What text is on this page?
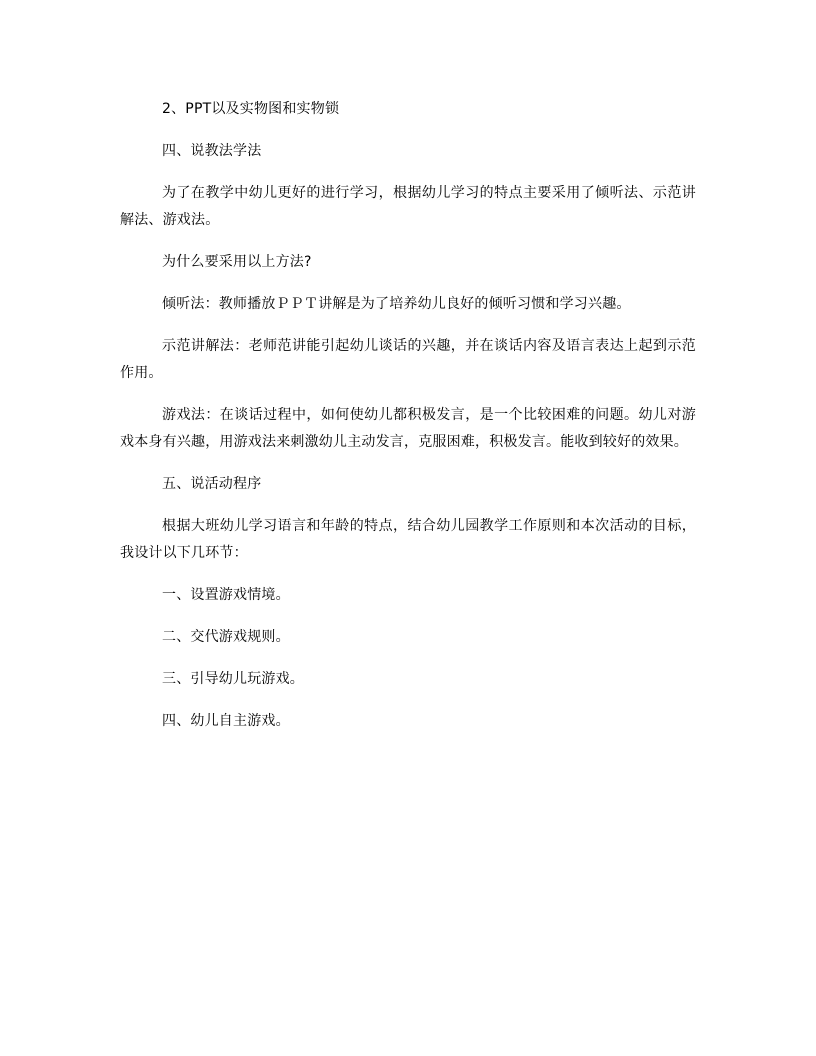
2、PPT以及实物图和实物锁

四、说教法学法

为了在教学中幼儿更好的进行学习，根据幼儿学习的特点主要采用了倾听法、示范讲解法、游戏法。

为什么要采用以上方法?

倾听法：教师播放ＰＰＴ讲解是为了培养幼儿良好的倾听习惯和学习兴趣。

示范讲解法：老师范讲能引起幼儿谈话的兴趣，并在谈话内容及语言表达上起到示范作用。

游戏法：在谈话过程中，如何使幼儿都积极发言，是一个比较困难的问题。幼儿对游戏本身有兴趣，用游戏法来刺激幼儿主动发言，克服困难，积极发言。能收到较好的效果。

五、说活动程序

根据大班幼儿学习语言和年龄的特点，结合幼儿园教学工作原则和本次活动的目标，我设计以下几环节：

一、设置游戏情境。

二、交代游戏规则。

三、引导幼儿玩游戏。

四、幼儿自主游戏。
